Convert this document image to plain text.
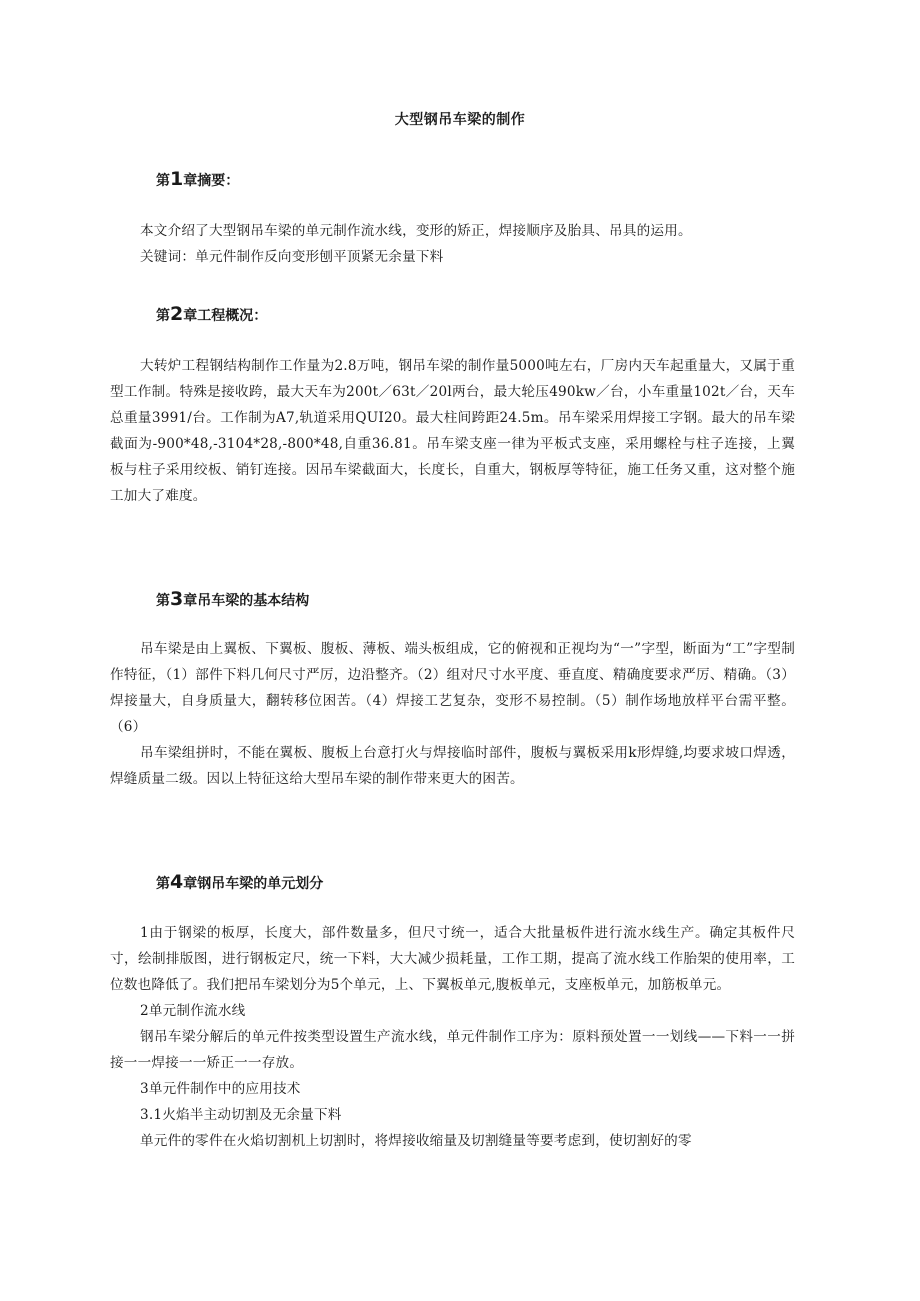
大型钢吊车梁的制作
第1章摘要：

本文介绍了大型钢吊车梁的单元制作流水线，变形的矫正，焊接顺序及胎具、吊具的运用。

关键词：单元件制作反向变形刨平顶紧无余量下料

第2章工程概况：

大转炉工程钢结构制作工作量为2.8万吨，钢吊车梁的制作量5000吨左右，厂房内天车起重量大，又属于重型工作制。特殊是接收跨，最大天车为200t／63t／20l两台，最大轮压490kw／台，小车重量102t／台，天车总重量3991/台。工作制为A7,轨道采用QUI20。最大柱间跨距24.5m。吊车梁采用焊接工字钢。最大的吊车梁截面为-900*48,-3104*28,-800*48,自重36.81。吊车梁支座一律为平板式支座，采用螺栓与柱子连接，上翼板与柱子采用绞板、销钉连接。因吊车梁截面大，长度长，自重大，钢板厚等特征，施工任务又重，这对整个施工加大了难度。

第3章吊车梁的基本结构

吊车梁是由上翼板、下翼板、腹板、薄板、端头板组成，它的俯视和正视均为“一”字型，断面为“工”字型制作特征，（1）部件下料几何尺寸严厉，边沿整齐。（2）组对尺寸水平度、垂直度、精确度要求严厉、精确。（3）焊接量大，自身质量大，翻转移位困苦。（4）焊接工艺复杂，变形不易控制。（5）制作场地放样平台需平整。（6）

吊车梁组拼时，不能在翼板、腹板上台意打火与焊接临时部件，腹板与翼板采用k形焊缝,均要求坡口焊透，焊缝质量二级。因以上特征这给大型吊车梁的制作带来更大的困苦。

第4章钢吊车梁的单元划分

1由于钢梁的板厚，长度大，部件数量多，但尺寸统一，适合大批量板件进行流水线生产。确定其板件尺寸，绘制排版图，进行钢板定尺，统一下料，大大减少损耗量，工作工期，提高了流水线工作胎架的使用率，工位数也降低了。我们把吊车梁划分为5个单元，上、下翼板单元,腹板单元，支座板单元，加筋板单元。

2单元制作流水线

钢吊车梁分解后的单元件按类型设置生产流水线，单元件制作工序为：原料预处置一一划线——下料一一拼接一一焊接一一矫正一一存放。

3单元件制作中的应用技术

3.1火焰半主动切割及无余量下料

单元件的零件在火焰切割机上切割时，将焊接收缩量及切割缝量等要考虑到，使切割好的零
